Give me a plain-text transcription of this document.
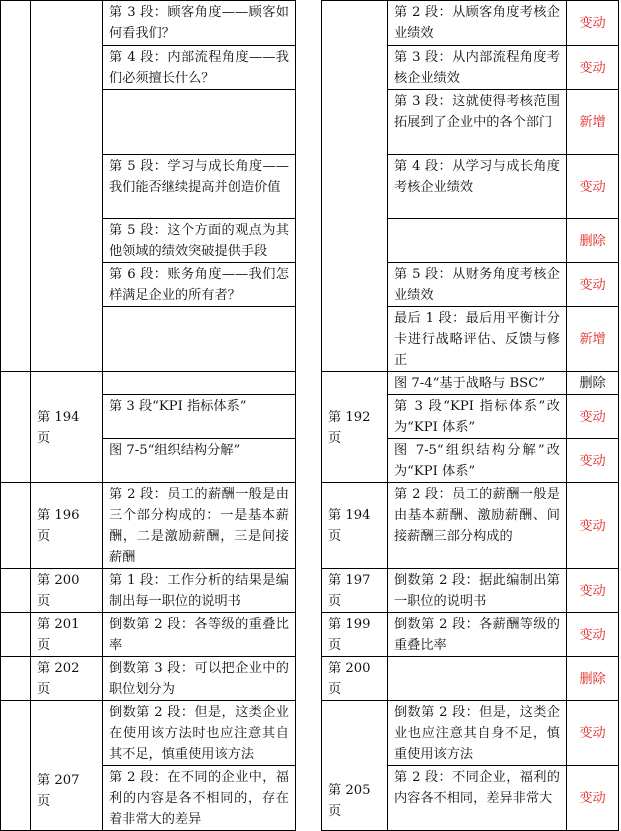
		第 3 段：顾客角度——顾客如何看我们？			第 2 段：从顾客角度考核企业绩效	变动
		第 4 段：内部流程角度——我们必须擅长什么？			第 3 段：从内部流程角度考核企业绩效	变动
					第 3 段：这就使得考核范围拓展到了企业中的各个部门	新增
		第 5 段：学习与成长角度——我们能否继续提高并创造价值			第 4 段：从学习与成长角度考核企业绩效	变动
		第 5 段：这个方面的观点为其他领域的绩效突破提供手段				删除
		第 6 段：账务角度——我们怎样满足企业的所有者？			第 5 段：从财务角度考核企业绩效	变动
					最后 1 段：最后用平衡计分卡进行战略评估、反馈与修正	新增
	第 194 页			第 192 页	图 7-4“基于战略与 BSC”	删除
		第 3 段“KPI 指标体系”			第 3 段“KPI 指标体系”改为“KPI 体系”	变动
		图 7-5“组织结构分解”			图 7-5“组织结构分解”改为“KPI 体系”	变动
	第 196 页	第 2 段：员工的薪酬一般是由三个部分构成的：一是基本薪酬，二是激励薪酬，三是间接薪酬		第 194 页	第 2 段：员工的薪酬一般是由基本薪酬、激励薪酬、间接薪酬三部分构成的	变动
	第 200 页	第 1 段：工作分析的结果是编制出每一职位的说明书		第 197 页	倒数第 2 段：据此编制出第一职位的说明书	变动
	第 201 页	倒数第 2 段：各等级的重叠比率		第 199 页	倒数第 2 段：各薪酬等级的重叠比率	变动
	第 202 页	倒数第 3 段：可以把企业中的职位划分为		第 200 页		删除
	第 207 页	倒数第 2 段：但是，这类企业在使用该方法时也应注意其自其不足，慎重使用该方法		第 205 页	倒数第 2 段：但是，这类企业也应注意其自身不足，慎重使用该方法	变动
		第 2 段：在不同的企业中，福利的内容是各不相同的，存在着非常大的差异			第 2 段：不同企业，福利的内容各不相同，差异非常大	变动
